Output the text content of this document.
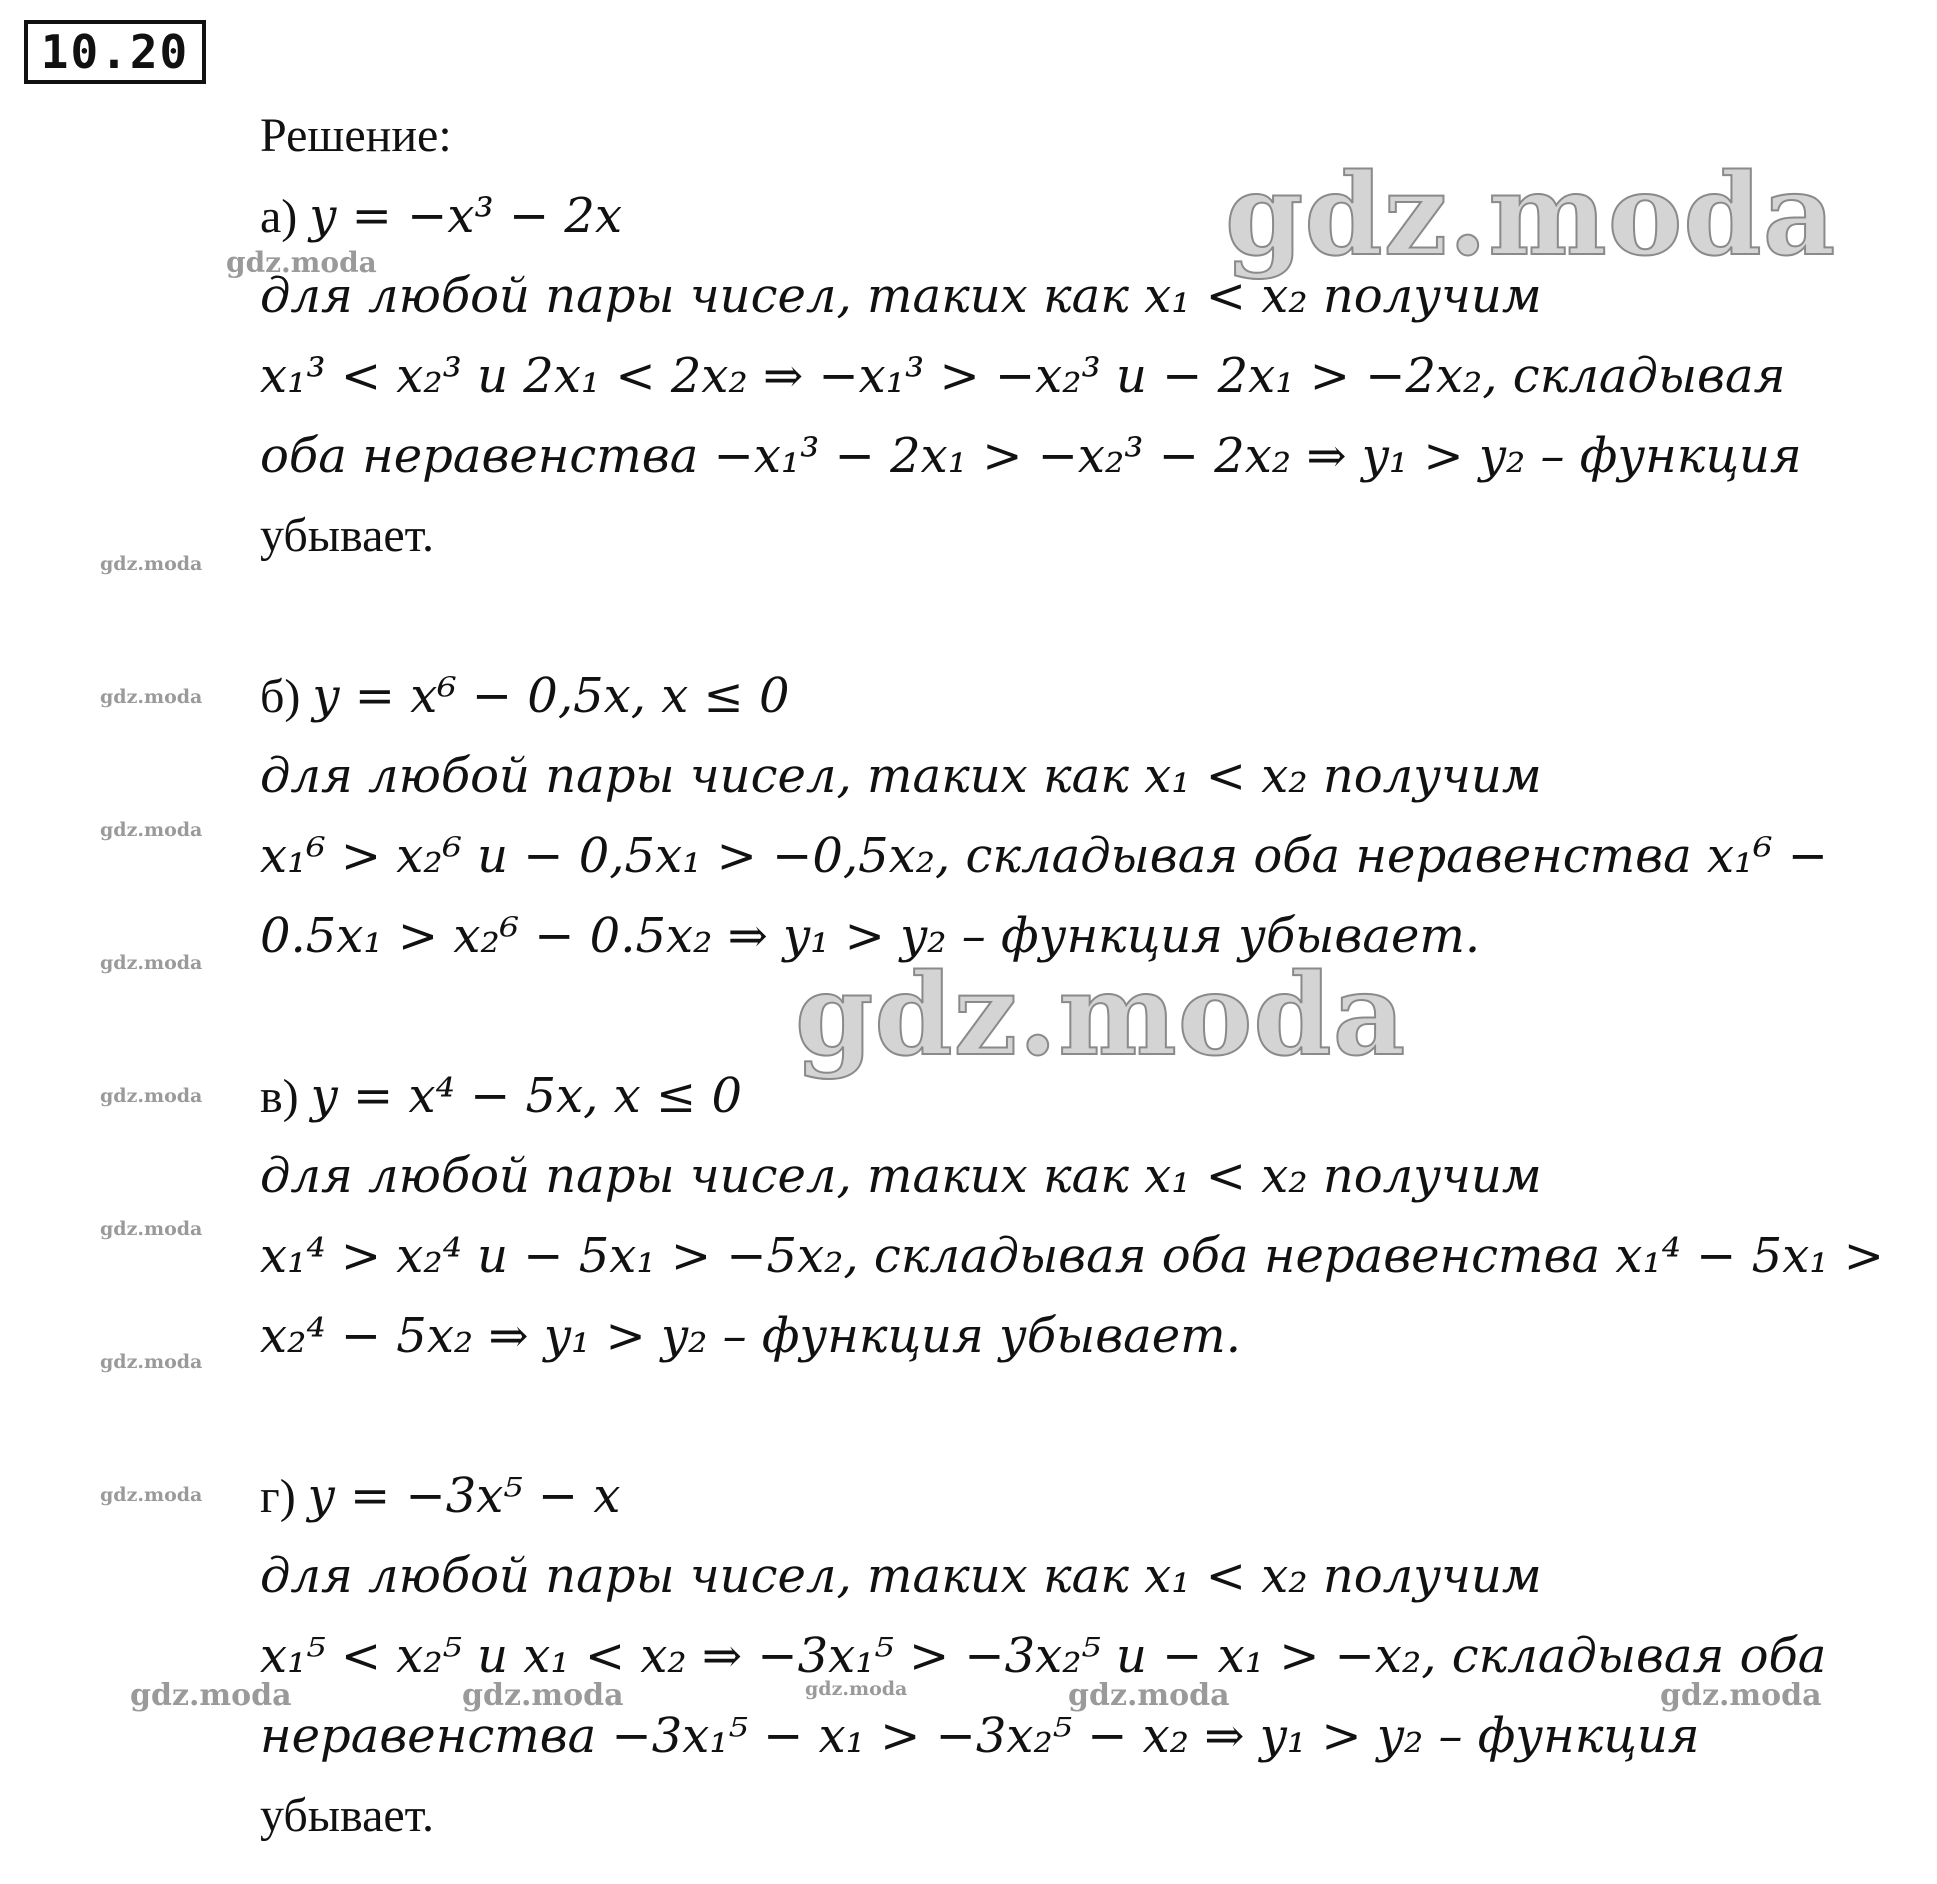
10.20
Решение:
а) y = −x³ − 2x
для любой пары чисел, таких как x₁ < x₂ получим
x₁³ < x₂³ и 2x₁ < 2x₂ ⇒ −x₁³ > −x₂³ и − 2x₁ > −2x₂, складывая
оба неравенства −x₁³ − 2x₁ > −x₂³ − 2x₂ ⇒ y₁ > y₂ – функция
убывает.
б) y = x⁶ − 0,5x, x ≤ 0
для любой пары чисел, таких как x₁ < x₂ получим
x₁⁶ > x₂⁶ и − 0,5x₁ > −0,5x₂, складывая оба неравенства x₁⁶ −
0.5x₁ > x₂⁶ − 0.5x₂ ⇒ y₁ > y₂ – функция убывает.
в) y = x⁴ − 5x, x ≤ 0
для любой пары чисел, таких как x₁ < x₂ получим
x₁⁴ > x₂⁴ и − 5x₁ > −5x₂, складывая оба неравенства x₁⁴ − 5x₁ >
x₂⁴ − 5x₂ ⇒ y₁ > y₂ – функция убывает.
г) y = −3x⁵ − x
для любой пары чисел, таких как x₁ < x₂ получим
x₁⁵ < x₂⁵ и x₁ < x₂ ⇒ −3x₁⁵ > −3x₂⁵ и − x₁ > −x₂, складывая оба
неравенства −3x₁⁵ − x₁ > −3x₂⁵ − x₂ ⇒ y₁ > y₂ – функция
убывает.
gdz.moda
gdz.moda
gdz.moda
gdz.moda
gdz.moda
gdz.moda
gdz.moda
gdz.moda
gdz.moda
gdz.moda
gdz.moda
gdz.moda	gdz.moda	gdz.moda	gdz.moda	gdz.moda
